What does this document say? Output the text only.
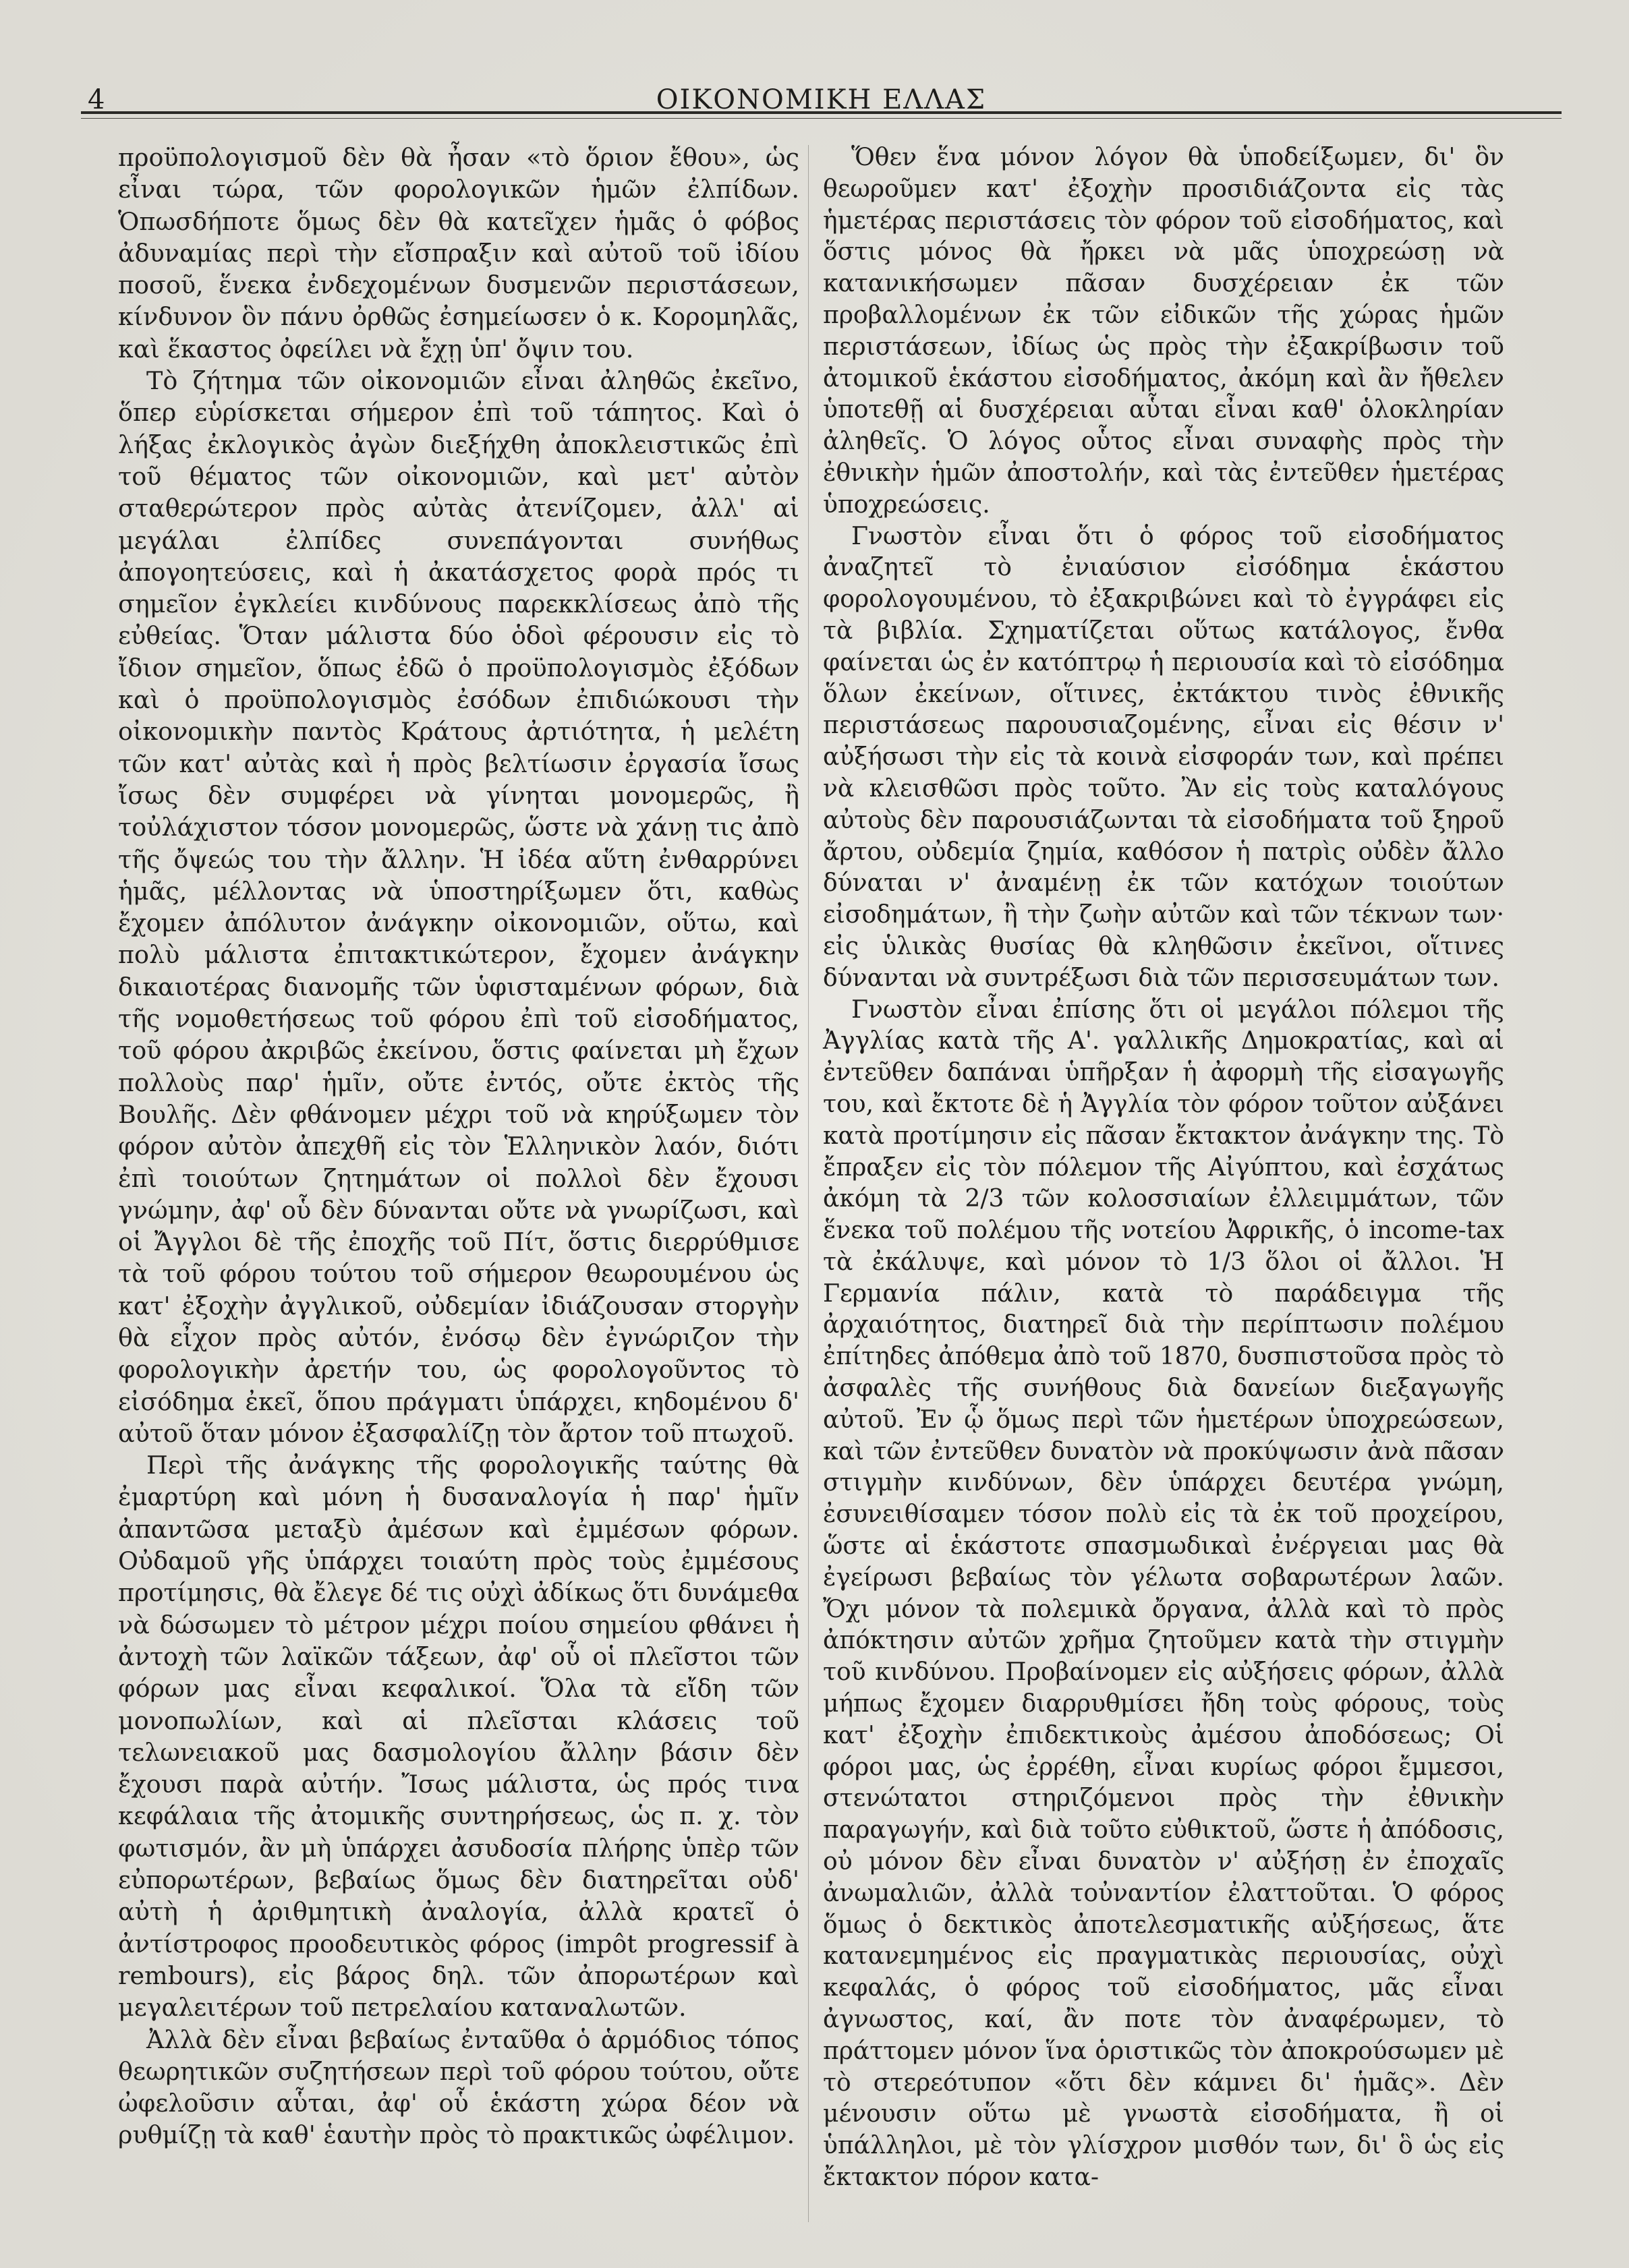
4	ΟΙΚΟΝΟΜΙΚΗ ΕΛΛΑΣ

προϋπολογισμοῦ δὲν θὰ ἦσαν «τὸ ὅριον ἔθου», ὡς εἶναι τώρα, τῶν φορολογικῶν ἡμῶν ἐλπίδων. Ὁπωσδήποτε ὅμως δὲν θὰ κατεῖχεν ἡμᾶς ὁ φόβος ἀδυναμίας περὶ τὴν εἴσπραξιν καὶ αὐτοῦ τοῦ ἰδίου ποσοῦ, ἕνεκα ἐνδεχομένων δυσμενῶν περιστάσεων, κίνδυνον ὃν πάνυ ὀρθῶς ἐσημείωσεν ὁ κ. Κορομηλᾶς, καὶ ἕκαστος ὀφείλει νὰ ἔχῃ ὑπ' ὄψιν του.

Τὸ ζήτημα τῶν οἰκονομιῶν εἶναι ἀληθῶς ἐκεῖνο, ὅπερ εὑρίσκεται σήμερον ἐπὶ τοῦ τάπητος. Καὶ ὁ λήξας ἐκλογικὸς ἀγὼν διεξήχθη ἀποκλειστικῶς ἐπὶ τοῦ θέματος τῶν οἰκονομιῶν, καὶ μετ' αὐτὸν σταθερώτερον πρὸς αὐτὰς ἀτενίζομεν, ἀλλ' αἱ μεγάλαι ἐλπίδες συνεπάγονται συνήθως ἀπογοητεύσεις, καὶ ἡ ἀκατάσχετος φορὰ πρός τι σημεῖον ἐγκλείει κινδύνους παρεκκλίσεως ἀπὸ τῆς εὐθείας. Ὅταν μάλιστα δύο ὁδοὶ φέρουσιν εἰς τὸ ἴδιον σημεῖον, ὅπως ἐδῶ ὁ προϋπολογισμὸς ἐξόδων καὶ ὁ προϋπολογισμὸς ἐσόδων ἐπιδιώκουσι τὴν οἰκονομικὴν παντὸς Κράτους ἀρτιότητα, ἡ μελέτη τῶν κατ' αὐτὰς καὶ ἡ πρὸς βελτίωσιν ἐργασία ἴσως ἴσως δὲν συμφέρει νὰ γίνηται μονομερῶς, ἢ τοὐλάχιστον τόσον μονομερῶς, ὥστε νὰ χάνῃ τις ἀπὸ τῆς ὄψεώς του τὴν ἄλλην. Ἡ ἰδέα αὕτη ἐνθαρρύνει ἡμᾶς, μέλλοντας νὰ ὑποστηρίξωμεν ὅτι, καθὼς ἔχομεν ἀπόλυτον ἀνάγκην οἰκονομιῶν, οὕτω, καὶ πολὺ μάλιστα ἐπιτακτικώτερον, ἔχομεν ἀνάγκην δικαιοτέρας διανομῆς τῶν ὑφισταμένων φόρων, διὰ τῆς νομοθετήσεως τοῦ φόρου ἐπὶ τοῦ εἰσοδήματος, τοῦ φόρου ἀκριβῶς ἐκείνου, ὅστις φαίνεται μὴ ἔχων πολλοὺς παρ' ἡμῖν, οὔτε ἐντός, οὔτε ἐκτὸς τῆς Βουλῆς. Δὲν φθάνομεν μέχρι τοῦ νὰ κηρύξωμεν τὸν φόρον αὐτὸν ἀπεχθῆ εἰς τὸν Ἑλληνικὸν λαόν, διότι ἐπὶ τοιούτων ζητημάτων οἱ πολλοὶ δὲν ἔχουσι γνώμην, ἀφ' οὗ δὲν δύνανται οὔτε νὰ γνωρίζωσι, καὶ οἱ Ἄγγλοι δὲ τῆς ἐποχῆς τοῦ Πίτ, ὅστις διερρύθμισε τὰ τοῦ φόρου τούτου τοῦ σήμερον θεωρουμένου ὡς κατ' ἐξοχὴν ἀγγλικοῦ, οὐδεμίαν ἰδιάζουσαν στοργὴν θὰ εἶχον πρὸς αὐτόν, ἐνόσῳ δὲν ἐγνώριζον τὴν φορολογικὴν ἀρετήν του, ὡς φορολογοῦντος τὸ εἰσόδημα ἐκεῖ, ὅπου πράγματι ὑπάρχει, κηδομένου δ' αὐτοῦ ὅταν μόνον ἐξασφαλίζῃ τὸν ἄρτον τοῦ πτωχοῦ.

Περὶ τῆς ἀνάγκης τῆς φορολογικῆς ταύτης θὰ ἐμαρτύρη καὶ μόνη ἡ δυσαναλογία ἡ παρ' ἡμῖν ἀπαντῶσα μεταξὺ ἀμέσων καὶ ἐμμέσων φόρων. Οὐδαμοῦ γῆς ὑπάρχει τοιαύτη πρὸς τοὺς ἐμμέσους προτίμησις, θὰ ἔλεγε δέ τις οὐχὶ ἀδίκως ὅτι δυνάμεθα νὰ δώσωμεν τὸ μέτρον μέχρι ποίου σημείου φθάνει ἡ ἀντοχὴ τῶν λαϊκῶν τάξεων, ἀφ' οὗ οἱ πλεῖστοι τῶν φόρων μας εἶναι κεφαλικοί. Ὅλα τὰ εἴδη τῶν μονοπωλίων, καὶ αἱ πλεῖσται κλάσεις τοῦ τελωνειακοῦ μας δασμολογίου ἄλλην βάσιν δὲν ἔχουσι παρὰ αὐτήν. Ἴσως μάλιστα, ὡς πρός τινα κεφάλαια τῆς ἀτομικῆς συντηρήσεως, ὡς π. χ. τὸν φωτισμόν, ἂν μὴ ὑπάρχει ἀσυδοσία πλήρης ὑπὲρ τῶν εὐπορωτέρων, βεβαίως ὅμως δὲν διατηρεῖται οὐδ' αὐτὴ ἡ ἀριθμητικὴ ἀναλογία, ἀλλὰ κρατεῖ ὁ ἀντίστροφος προοδευτικὸς φόρος (impôt progressif à rembours), εἰς βάρος δηλ. τῶν ἀπορωτέρων καὶ μεγαλειτέρων τοῦ πετρελαίου καταναλωτῶν.

Ἀλλὰ δὲν εἶναι βεβαίως ἐνταῦθα ὁ ἁρμόδιος τόπος θεωρητικῶν συζητήσεων περὶ τοῦ φόρου τούτου, οὔτε ὠφελοῦσιν αὗται, ἀφ' οὗ ἑκάστη χώρα δέον νὰ ρυθμίζῃ τὰ καθ' ἑαυτὴν πρὸς τὸ πρακτικῶς ὠφέλιμον.

Ὅθεν ἕνα μόνον λόγον θὰ ὑποδείξωμεν, δι' ὃν θεωροῦμεν κατ' ἐξοχὴν προσιδιάζοντα εἰς τὰς ἡμετέρας περιστάσεις τὸν φόρον τοῦ εἰσοδήματος, καὶ ὅστις μόνος θὰ ἤρκει νὰ μᾶς ὑποχρεώσῃ νὰ κατανικήσωμεν πᾶσαν δυσχέρειαν ἐκ τῶν προβαλλομένων ἐκ τῶν εἰδικῶν τῆς χώρας ἡμῶν περιστάσεων, ἰδίως ὡς πρὸς τὴν ἐξακρίβωσιν τοῦ ἀτομικοῦ ἑκάστου εἰσοδήματος, ἀκόμη καὶ ἂν ἤθελεν ὑποτεθῇ αἱ δυσχέρειαι αὗται εἶναι καθ' ὁλοκληρίαν ἀληθεῖς. Ὁ λόγος οὗτος εἶναι συναφὴς πρὸς τὴν ἐθνικὴν ἡμῶν ἀποστολήν, καὶ τὰς ἐντεῦθεν ἡμετέρας ὑποχρεώσεις.

Γνωστὸν εἶναι ὅτι ὁ φόρος τοῦ εἰσοδήματος ἀναζητεῖ τὸ ἐνιαύσιον εἰσόδημα ἑκάστου φορολογουμένου, τὸ ἐξακριβώνει καὶ τὸ ἐγγράφει εἰς τὰ βιβλία. Σχηματίζεται οὕτως κατάλογος, ἔνθα φαίνεται ὡς ἐν κατόπτρῳ ἡ περιουσία καὶ τὸ εἰσόδημα ὅλων ἐκείνων, οἵτινες, ἐκτάκτου τινὸς ἐθνικῆς περιστάσεως παρουσιαζομένης, εἶναι εἰς θέσιν ν' αὐξήσωσι τὴν εἰς τὰ κοινὰ εἰσφοράν των, καὶ πρέπει νὰ κλεισθῶσι πρὸς τοῦτο. Ἂν εἰς τοὺς καταλόγους αὐτοὺς δὲν παρουσιάζωνται τὰ εἰσοδήματα τοῦ ξηροῦ ἄρτου, οὐδεμία ζημία, καθόσον ἡ πατρὶς οὐδὲν ἄλλο δύναται ν' ἀναμένῃ ἐκ τῶν κατόχων τοιούτων εἰσοδημάτων, ἢ τὴν ζωὴν αὐτῶν καὶ τῶν τέκνων των· εἰς ὑλικὰς θυσίας θὰ κληθῶσιν ἐκεῖνοι, οἵτινες δύνανται νὰ συντρέξωσι διὰ τῶν περισσευμάτων των.

Γνωστὸν εἶναι ἐπίσης ὅτι οἱ μεγάλοι πόλεμοι τῆς Ἀγγλίας κατὰ τῆς Α'. γαλλικῆς Δημοκρατίας, καὶ αἱ ἐντεῦθεν δαπάναι ὑπῆρξαν ἡ ἀφορμὴ τῆς εἰσαγωγῆς του, καὶ ἔκτοτε δὲ ἡ Ἀγγλία τὸν φόρον τοῦτον αὐξάνει κατὰ προτίμησιν εἰς πᾶσαν ἔκτακτον ἀνάγκην της. Τὸ ἔπραξεν εἰς τὸν πόλεμον τῆς Αἰγύπτου, καὶ ἐσχάτως ἀκόμη τὰ 2/3 τῶν κολοσσιαίων ἐλλειμμάτων, τῶν ἕνεκα τοῦ πολέμου τῆς νοτείου Ἀφρικῆς, ὁ income-tax τὰ ἐκάλυψε, καὶ μόνον τὸ 1/3 ὅλοι οἱ ἄλλοι. Ἡ Γερμανία πάλιν, κατὰ τὸ παράδειγμα τῆς ἀρχαιότητος, διατηρεῖ διὰ τὴν περίπτωσιν πολέμου ἐπίτηδες ἀπόθεμα ἀπὸ τοῦ 1870, δυσπιστοῦσα πρὸς τὸ ἀσφαλὲς τῆς συνήθους διὰ δανείων διεξαγωγῆς αὐτοῦ. Ἐν ᾧ ὅμως περὶ τῶν ἡμετέρων ὑποχρεώσεων, καὶ τῶν ἐντεῦθεν δυνατὸν νὰ προκύψωσιν ἀνὰ πᾶσαν στιγμὴν κινδύνων, δὲν ὑπάρχει δευτέρα γνώμη, ἐσυνειθίσαμεν τόσον πολὺ εἰς τὰ ἐκ τοῦ προχείρου, ὥστε αἱ ἑκάστοτε σπασμωδικαὶ ἐνέργειαι μας θὰ ἐγείρωσι βεβαίως τὸν γέλωτα σοβαρωτέρων λαῶν. Ὄχι μόνον τὰ πολεμικὰ ὄργανα, ἀλλὰ καὶ τὸ πρὸς ἀπόκτησιν αὐτῶν χρῆμα ζητοῦμεν κατὰ τὴν στιγμὴν τοῦ κινδύνου. Προβαίνομεν εἰς αὐξήσεις φόρων, ἀλλὰ μήπως ἔχομεν διαρρυθμίσει ἤδη τοὺς φόρους, τοὺς κατ' ἐξοχὴν ἐπιδεκτικοὺς ἀμέσου ἀποδόσεως; Οἱ φόροι μας, ὡς ἐρρέθη, εἶναι κυρίως φόροι ἔμμεσοι, στενώτατοι στηριζόμενοι πρὸς τὴν ἐθνικὴν παραγωγήν, καὶ διὰ τοῦτο εὐθικτοῦ, ὥστε ἡ ἀπόδοσις, οὐ μόνον δὲν εἶναι δυνατὸν ν' αὐξήσῃ ἐν ἐποχαῖς ἀνωμαλιῶν, ἀλλὰ τοὐναντίον ἐλαττοῦται. Ὁ φόρος ὅμως ὁ δεκτικὸς ἀποτελεσματικῆς αὐξήσεως, ἅτε κατανεμημένος εἰς πραγματικὰς περιουσίας, οὐχὶ κεφαλάς, ὁ φόρος τοῦ εἰσοδήματος, μᾶς εἶναι ἀγνωστος, καί, ἂν ποτε τὸν ἀναφέρωμεν, τὸ πράττομεν μόνον ἵνα ὁριστικῶς τὸν ἀποκρούσωμεν μὲ τὸ στερεότυπον «ὅτι δὲν κάμνει δι' ἡμᾶς». Δὲν μένουσιν οὕτω μὲ γνωστὰ εἰσοδήματα, ἢ οἱ ὑπάλληλοι, μὲ τὸν γλίσχρον μισθόν των, δι' ὃ ὡς εἰς ἔκτακτον πόρον κατα-
